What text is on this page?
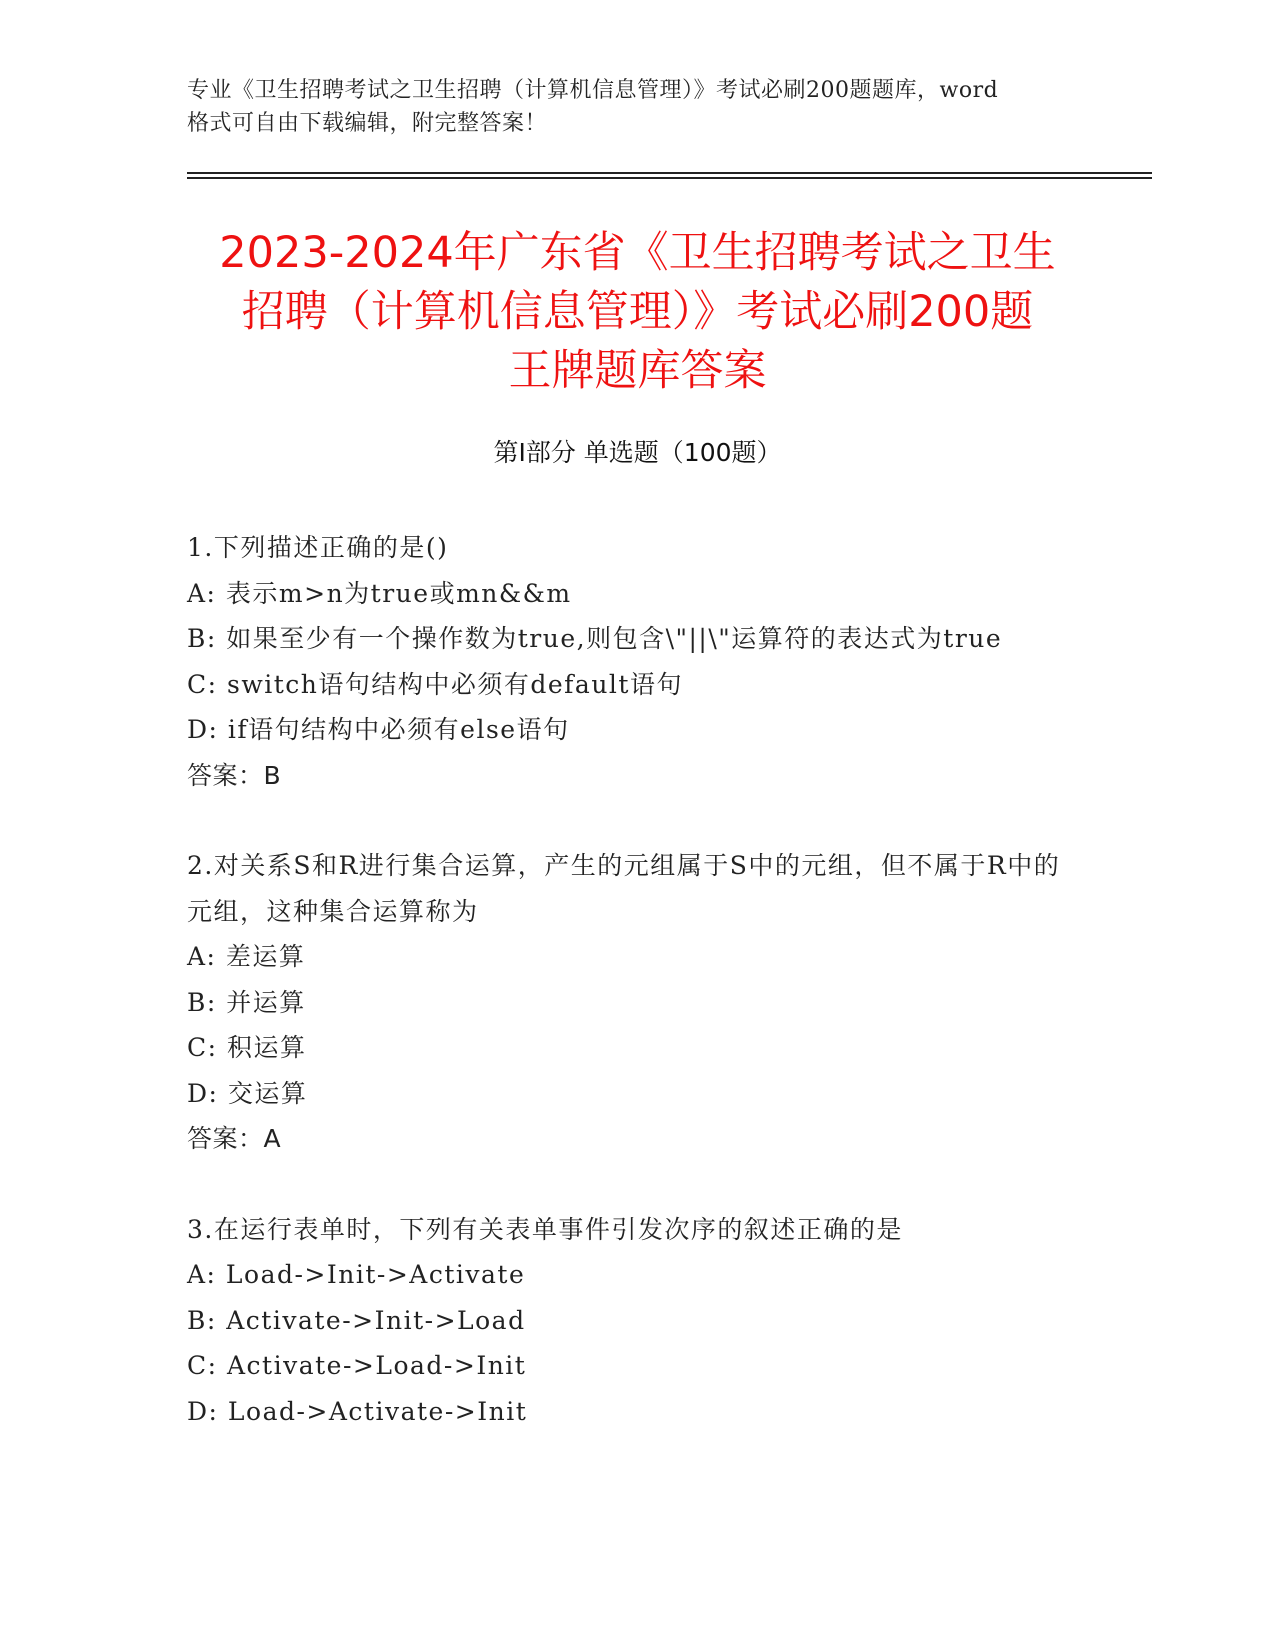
专业《卫生招聘考试之卫生招聘（计算机信息管理）》考试必刷200题题库，word
格式可自由下载编辑，附完整答案！
2023-2024年广东省《卫生招聘考试之卫生
招聘（计算机信息管理）》考试必刷200题
王牌题库答案
第Ⅰ部分 单选题（100题）

1.下列描述正确的是()

A: 表示m>n为true或mn&&m

B: 如果至少有一个操作数为true,则包含\"||\"运算符的表达式为true

C: switch语句结构中必须有default语句

D: if语句结构中必须有else语句

答案：B

2.对关系S和R进行集合运算，产生的元组属于S中的元组，但不属于R中的元组，这种集合运算称为

A: 差运算

B: 并运算

C: 积运算

D: 交运算

答案：A

3.在运行表单时，下列有关表单事件引发次序的叙述正确的是

A: Load->Init->Activate

B: Activate->Init->Load

C: Activate->Load->Init

D: Load->Activate->Init
